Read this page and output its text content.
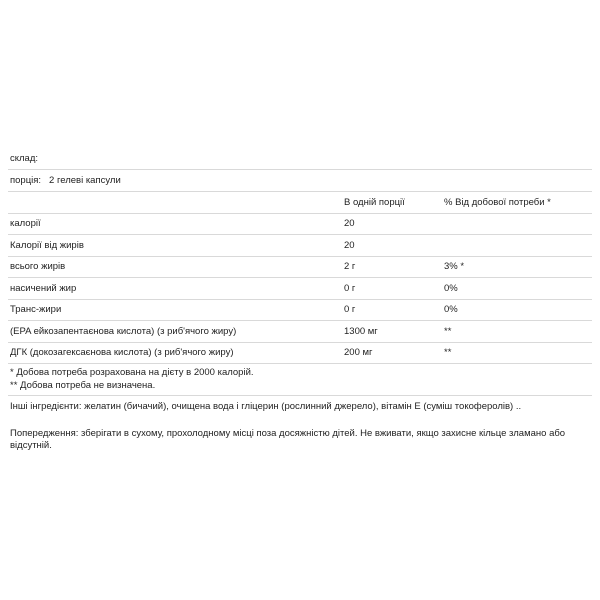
склад:
порція: 2 гелеві капсули
	В одній порції	% Від добової потреби *
калорії	20	
Калорії від жирів	20	
всього жирів	2 г	3% *
насичений жир	0 г	0%
Транс-жири	0 г	0%
(EPA ейкозапентаєнова кислота) (з риб'ячого жиру)	1300 мг	**
ДГК (докозагексаєнова кислота) (з риб'ячого жиру)	200 мг	**
* Добова потреба розрахована на дієту в 2000 калорій.
** Добова потреба не визначена.
Інші інгредієнти: желатин (бичачий), очищена вода і гліцерин (рослинний джерело), вітамін Е (суміш токоферолів) ..
Попередження: зберігати в сухому, прохолодному місці поза досяжністю дітей. Не вживати, якщо захисне кільце зламано або відсутній.
